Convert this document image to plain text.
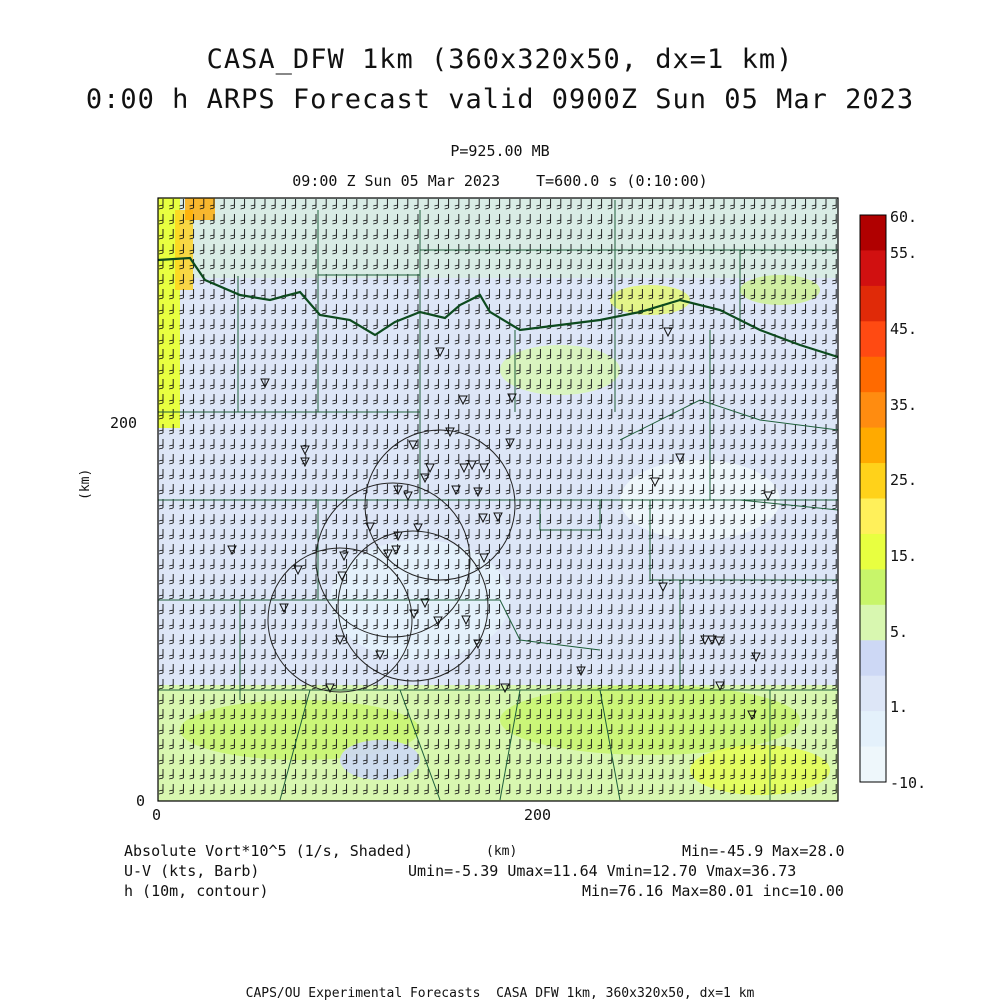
CASA_DFW 1km (360x320x50, dx=1 km)
0:00 h ARPS Forecast valid 0900Z Sun 05 Mar 2023
P=925.00 MB
09:00 Z Sun 05 Mar 2023    T=600.0 s (0:10:00)
200
0
0	200
(km)
60.
55.
45.
35.
25.
15.
5.
1.
-10.
Absolute Vort*10^5 (1/s, Shaded)	(km)	Min=-45.9 Max=28.0
U-V (kts, Barb)	Umin=-5.39 Umax=11.64 Vmin=12.70 Vmax=36.73
h (10m, contour)	Min=76.16 Max=80.01 inc=10.00
CAPS/OU Experimental Forecasts  CASA DFW 1km, 360x320x50, dx=1 km
